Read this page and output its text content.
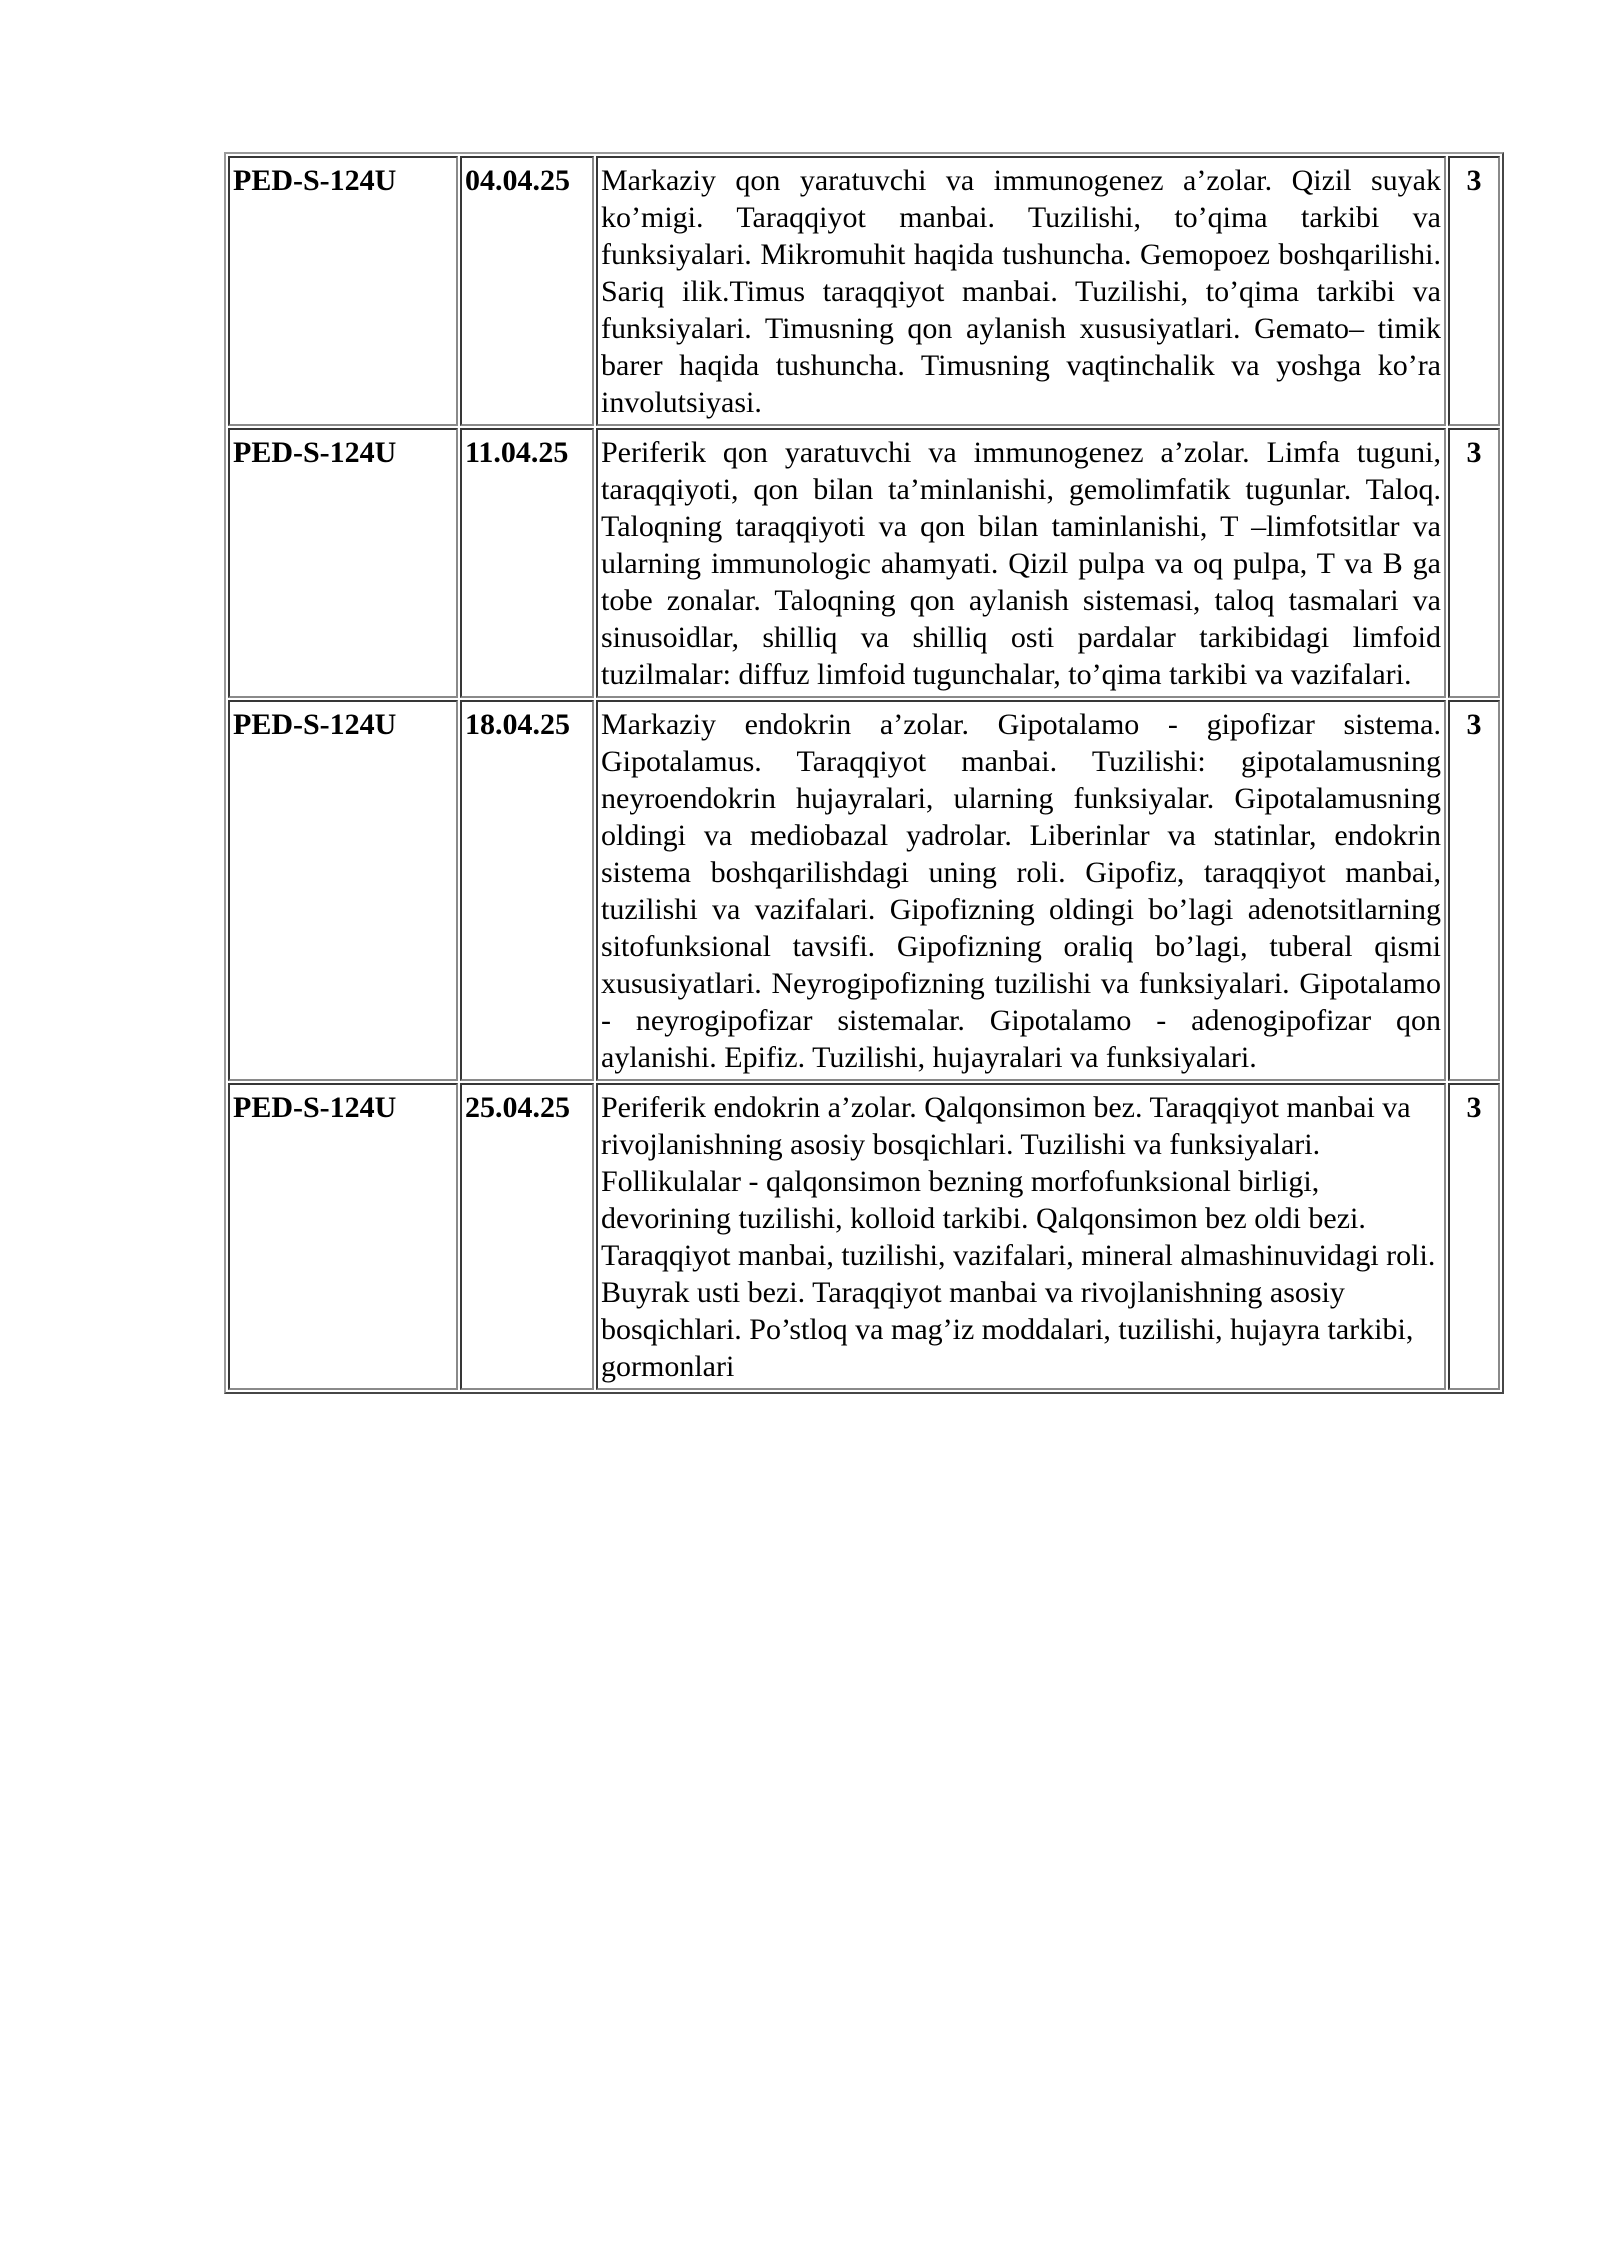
PED-S-124U	04.04.25	Markaziy qon yaratuvchi va immunogenez a’zolar. Qizil suyak ko’migi. Taraqqiyot manbai. Tuzilishi, to’qima tarkibi va funksiyalari. Mikromuhit haqida tushuncha. Gemopoez boshqarilishi. Sariq ilik.Timus taraqqiyot manbai. Tuzilishi, to’qima tarkibi va funksiyalari. Timusning qon aylanish xususiyatlari. Gemato– timik barer haqida tushuncha. Timusning vaqtinchalik va yoshga ko’ra involutsiyasi.	3
PED-S-124U	11.04.25	Periferik qon yaratuvchi va immunogenez a’zolar. Limfa tuguni, taraqqiyoti, qon bilan ta’minlanishi, gemolimfatik tugunlar. Taloq. Taloqning taraqqiyoti va qon bilan taminlanishi, T –limfotsitlar va ularning immunologic ahamyati. Qizil pulpa va oq pulpa, T va B ga tobe zonalar. Taloqning qon aylanish sistemasi, taloq tasmalari va sinusoidlar, shilliq va shilliq osti pardalar tarkibidagi limfoid tuzilmalar: diffuz limfoid tugunchalar, to’qima tarkibi va vazifalari.	3
PED-S-124U	18.04.25	Markaziy endokrin a’zolar. Gipotalamo - gipofizar sistema. Gipotalamus. Taraqqiyot manbai. Tuzilishi: gipotalamusning neyroendokrin hujayralari, ularning funksiyalar. Gipotalamusning oldingi va mediobazal yadrolar. Liberinlar va statinlar, endokrin sistema boshqarilishdagi uning roli. Gipofiz, taraqqiyot manbai, tuzilishi va vazifalari. Gipofizning oldingi bo’lagi adenotsitlarning sitofunksional tavsifi. Gipofizning oraliq bo’lagi, tuberal qismi xususiyatlari. Neyrogipofizning tuzilishi va funksiyalari. Gipotalamo - neyrogipofizar sistemalar. Gipotalamo - adenogipofizar qon aylanishi. Epifiz. Tuzilishi, hujayralari va funksiyalari.	3
PED-S-124U	25.04.25	Periferik endokrin a’zolar. Qalqonsimon bez. Taraqqiyot manbai va rivojlanishning asosiy bosqichlari. Tuzilishi va funksiyalari. Follikulalar - qalqonsimon bezning morfofunksional birligi, devorining tuzilishi, kolloid tarkibi. Qalqonsimon bez oldi bezi. Taraqqiyot manbai, tuzilishi, vazifalari, mineral almashinuvidagi roli. Buyrak usti bezi. Taraqqiyot manbai va rivojlanishning asosiy bosqichlari. Po’stloq va mag’iz moddalari, tuzilishi, hujayra tarkibi, gormonlari	3
